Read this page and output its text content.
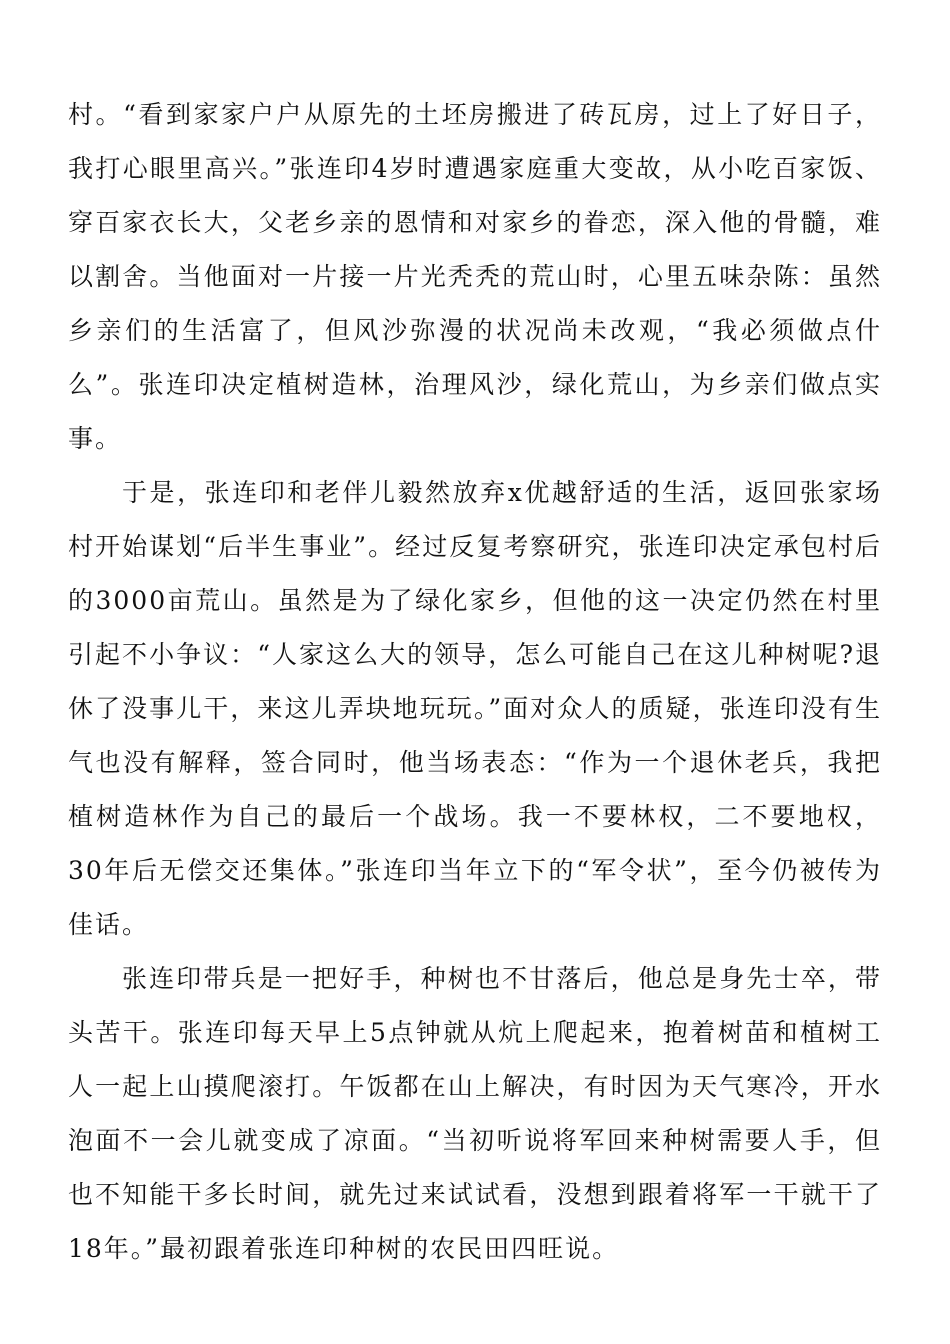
村。“看到家家户户从原先的土坯房搬进了砖瓦房，过上了好日子，我打心眼里高兴。”张连印4岁时遭遇家庭重大变故，从小吃百家饭、穿百家衣长大，父老乡亲的恩情和对家乡的眷恋，深入他的骨髓，难以割舍。当他面对一片接一片光秃秃的荒山时，心里五味杂陈：虽然乡亲们的生活富了，但风沙弥漫的状况尚未改观，“我必须做点什么”。张连印决定植树造林，治理风沙，绿化荒山，为乡亲们做点实事。

于是，张连印和老伴儿毅然放弃x优越舒适的生活，返回张家场村开始谋划“后半生事业”。经过反复考察研究，张连印决定承包村后的3000亩荒山。虽然是为了绿化家乡，但他的这一决定仍然在村里引起不小争议：“人家这么大的领导，怎么可能自己在这儿种树呢?退休了没事儿干，来这儿弄块地玩玩。”面对众人的质疑，张连印没有生气也没有解释，签合同时，他当场表态：“作为一个退休老兵，我把植树造林作为自己的最后一个战场。我一不要林权，二不要地权，30年后无偿交还集体。”张连印当年立下的“军令状”，至今仍被传为佳话。

张连印带兵是一把好手，种树也不甘落后，他总是身先士卒，带头苦干。张连印每天早上5点钟就从炕上爬起来，抱着树苗和植树工人一起上山摸爬滚打。午饭都在山上解决，有时因为天气寒冷，开水泡面不一会儿就变成了凉面。“当初听说将军回来种树需要人手，但也不知能干多长时间，就先过来试试看，没想到跟着将军一干就干了18年。”最初跟着张连印种树的农民田四旺说。
